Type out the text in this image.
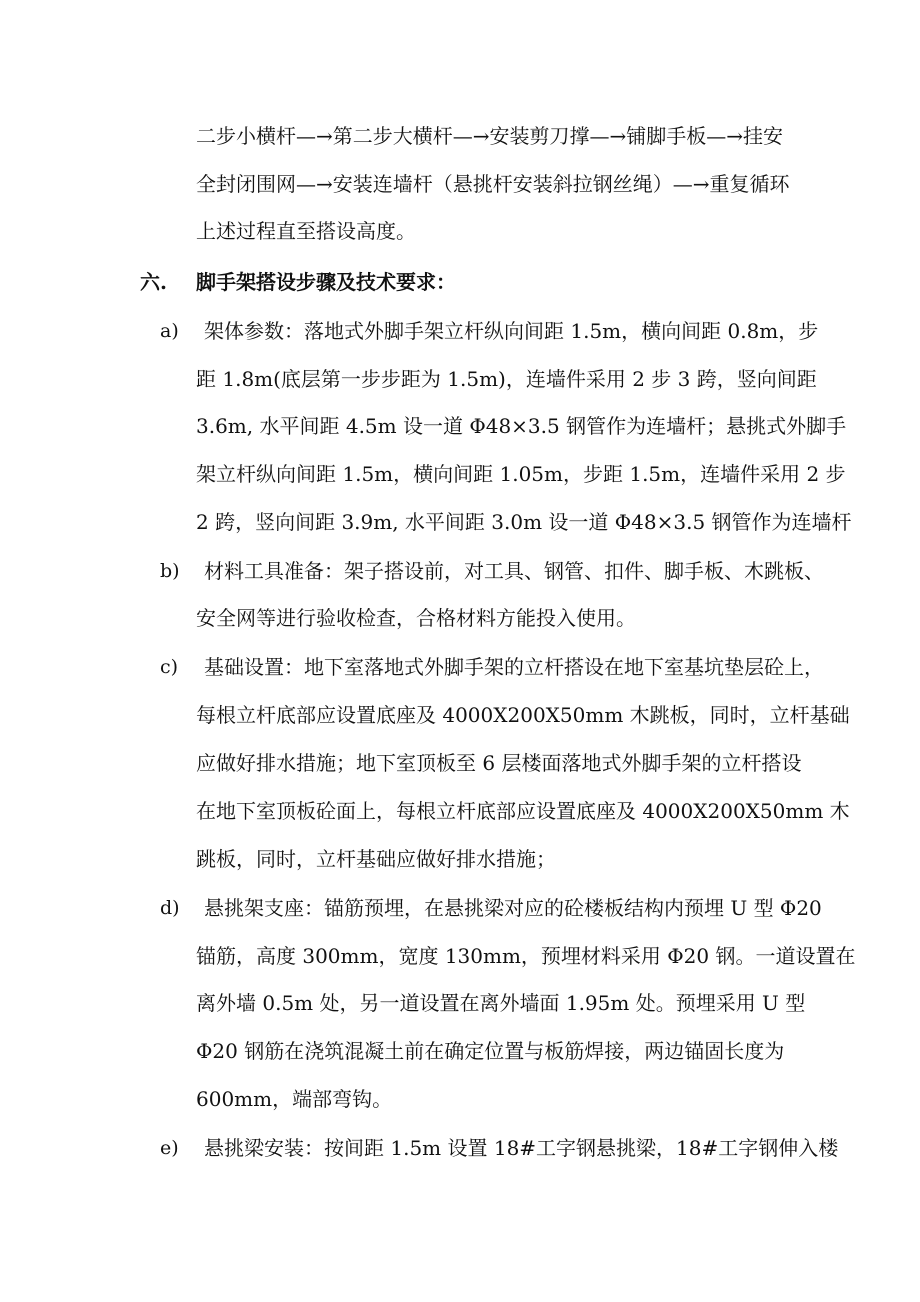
二步小横杆—→第二步大横杆—→安装剪刀撑—→铺脚手板—→挂安
全封闭围网—→安装连墙杆（悬挑杆安装斜拉钢丝绳）—→重复循环
上述过程直至搭设高度。
六. 脚手架搭设步骤及技术要求：
a) 架体参数：落地式外脚手架立杆纵向间距 1.5m，横向间距 0.8m，步
距 1.8m(底层第一步步距为 1.5m)，连墙件采用 2 步 3 跨，竖向间距
3.6m, 水平间距 4.5m 设一道 Φ48×3.5 钢管作为连墙杆；悬挑式外脚手
架立杆纵向间距 1.5m，横向间距 1.05m，步距 1.5m，连墙件采用 2 步
2 跨，竖向间距 3.9m, 水平间距 3.0m 设一道 Φ48×3.5 钢管作为连墙杆
b) 材料工具准备：架子搭设前，对工具、钢管、扣件、脚手板、木跳板、
安全网等进行验收检查，合格材料方能投入使用。
c) 基础设置：地下室落地式外脚手架的立杆搭设在地下室基坑垫层砼上，
每根立杆底部应设置底座及 4000X200X50mm 木跳板，同时，立杆基础
应做好排水措施；地下室顶板至 6 层楼面落地式外脚手架的立杆搭设
在地下室顶板砼面上，每根立杆底部应设置底座及 4000X200X50mm 木
跳板，同时，立杆基础应做好排水措施；
d) 悬挑架支座：锚筋预埋，在悬挑梁对应的砼楼板结构内预埋 U 型 Φ20
锚筋，高度 300mm，宽度 130mm，预埋材料采用 Φ20 钢。一道设置在
离外墙 0.5m 处，另一道设置在离外墙面 1.95m 处。预埋采用 U 型
Φ20 钢筋在浇筑混凝土前在确定位置与板筋焊接，两边锚固长度为
600mm，端部弯钩。
e) 悬挑梁安装：按间距 1.5m 设置 18#工字钢悬挑梁，18#工字钢伸入楼
